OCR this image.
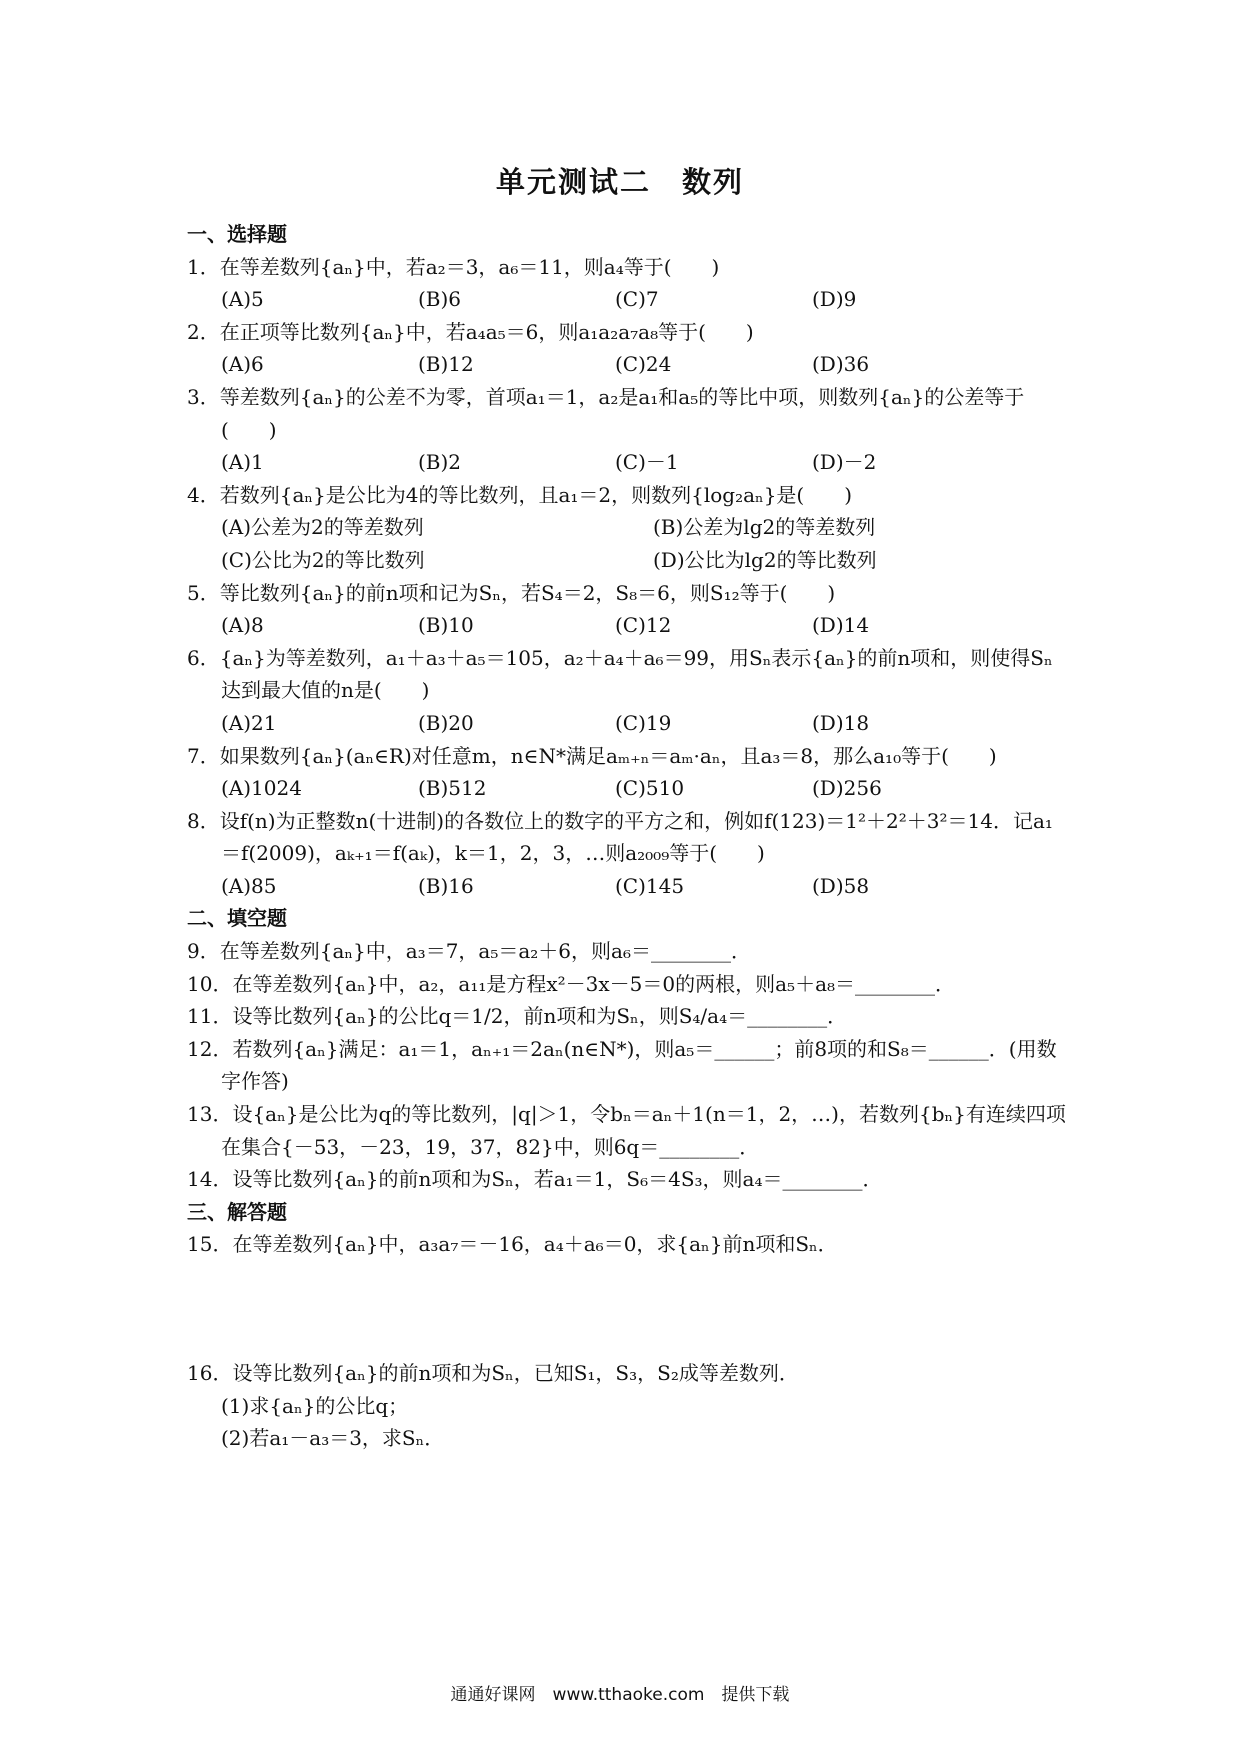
单元测试二　数列
一、选择题
1．在等差数列{aₙ}中，若a₂＝3，a₆＝11，则a₄等于(　　)
(A)5	(B)6	(C)7	(D)9
2．在正项等比数列{aₙ}中，若a₄a₅＝6，则a₁a₂a₇a₈等于(　　)
(A)6	(B)12	(C)24	(D)36
3．等差数列{aₙ}的公差不为零，首项a₁＝1，a₂是a₁和a₅的等比中项，则数列{aₙ}的公差等于(　　)
(A)1	(B)2	(C)－1	(D)－2
4．若数列{aₙ}是公比为4的等比数列，且a₁＝2，则数列{log₂aₙ}是(　　)
(A)公差为2的等差数列	(B)公差为lg2的等差数列
(C)公比为2的等比数列	(D)公比为lg2的等比数列
5．等比数列{aₙ}的前n项和记为Sₙ，若S₄＝2，S₈＝6，则S₁₂等于(　　)
(A)8	(B)10	(C)12	(D)14
6．{aₙ}为等差数列，a₁＋a₃＋a₅＝105，a₂＋a₄＋a₆＝99，用Sₙ表示{aₙ}的前n项和，则使得Sₙ达到最大值的n是(　　)
(A)21	(B)20	(C)19	(D)18
7．如果数列{aₙ}(aₙ∈R)对任意m，n∈N*满足aₘ₊ₙ＝aₘ·aₙ，且a₃＝8，那么a₁₀等于(　　)
(A)1024	(B)512	(C)510	(D)256
8．设f(n)为正整数n(十进制)的各数位上的数字的平方之和，例如f(123)＝1²＋2²＋3²＝14．记a₁＝f(2009)，aₖ₊₁＝f(aₖ)，k＝1，2，3，…则a₂₀₀₉等于(　　)
(A)85	(B)16	(C)145	(D)58
二、填空题
9．在等差数列{aₙ}中，a₃＝7，a₅＝a₂＋6，则a₆＝________．
10．在等差数列{aₙ}中，a₂，a₁₁是方程x²－3x－5＝0的两根，则a₅＋a₈＝________．
11．设等比数列{aₙ}的公比q＝1/2，前n项和为Sₙ，则S₄/a₄＝________．
12．若数列{aₙ}满足：a₁＝1，aₙ₊₁＝2aₙ(n∈N*)，则a₅＝______；前8项的和S₈＝______．(用数字作答)
13．设{aₙ}是公比为q的等比数列，|q|＞1，令bₙ＝aₙ＋1(n＝1，2，…)，若数列{bₙ}有连续四项在集合{－53，－23，19，37，82}中，则6q＝________．
14．设等比数列{aₙ}的前n项和为Sₙ，若a₁＝1，S₆＝4S₃，则a₄＝________．
三、解答题
15．在等差数列{aₙ}中，a₃a₇＝－16，a₄＋a₆＝0，求{aₙ}前n项和Sₙ．
16．设等比数列{aₙ}的前n项和为Sₙ，已知S₁，S₃，S₂成等差数列．
(1)求{aₙ}的公比q；
(2)若a₁－a₃＝3，求Sₙ．
通通好课网　www.tthaoke.com　提供下载
